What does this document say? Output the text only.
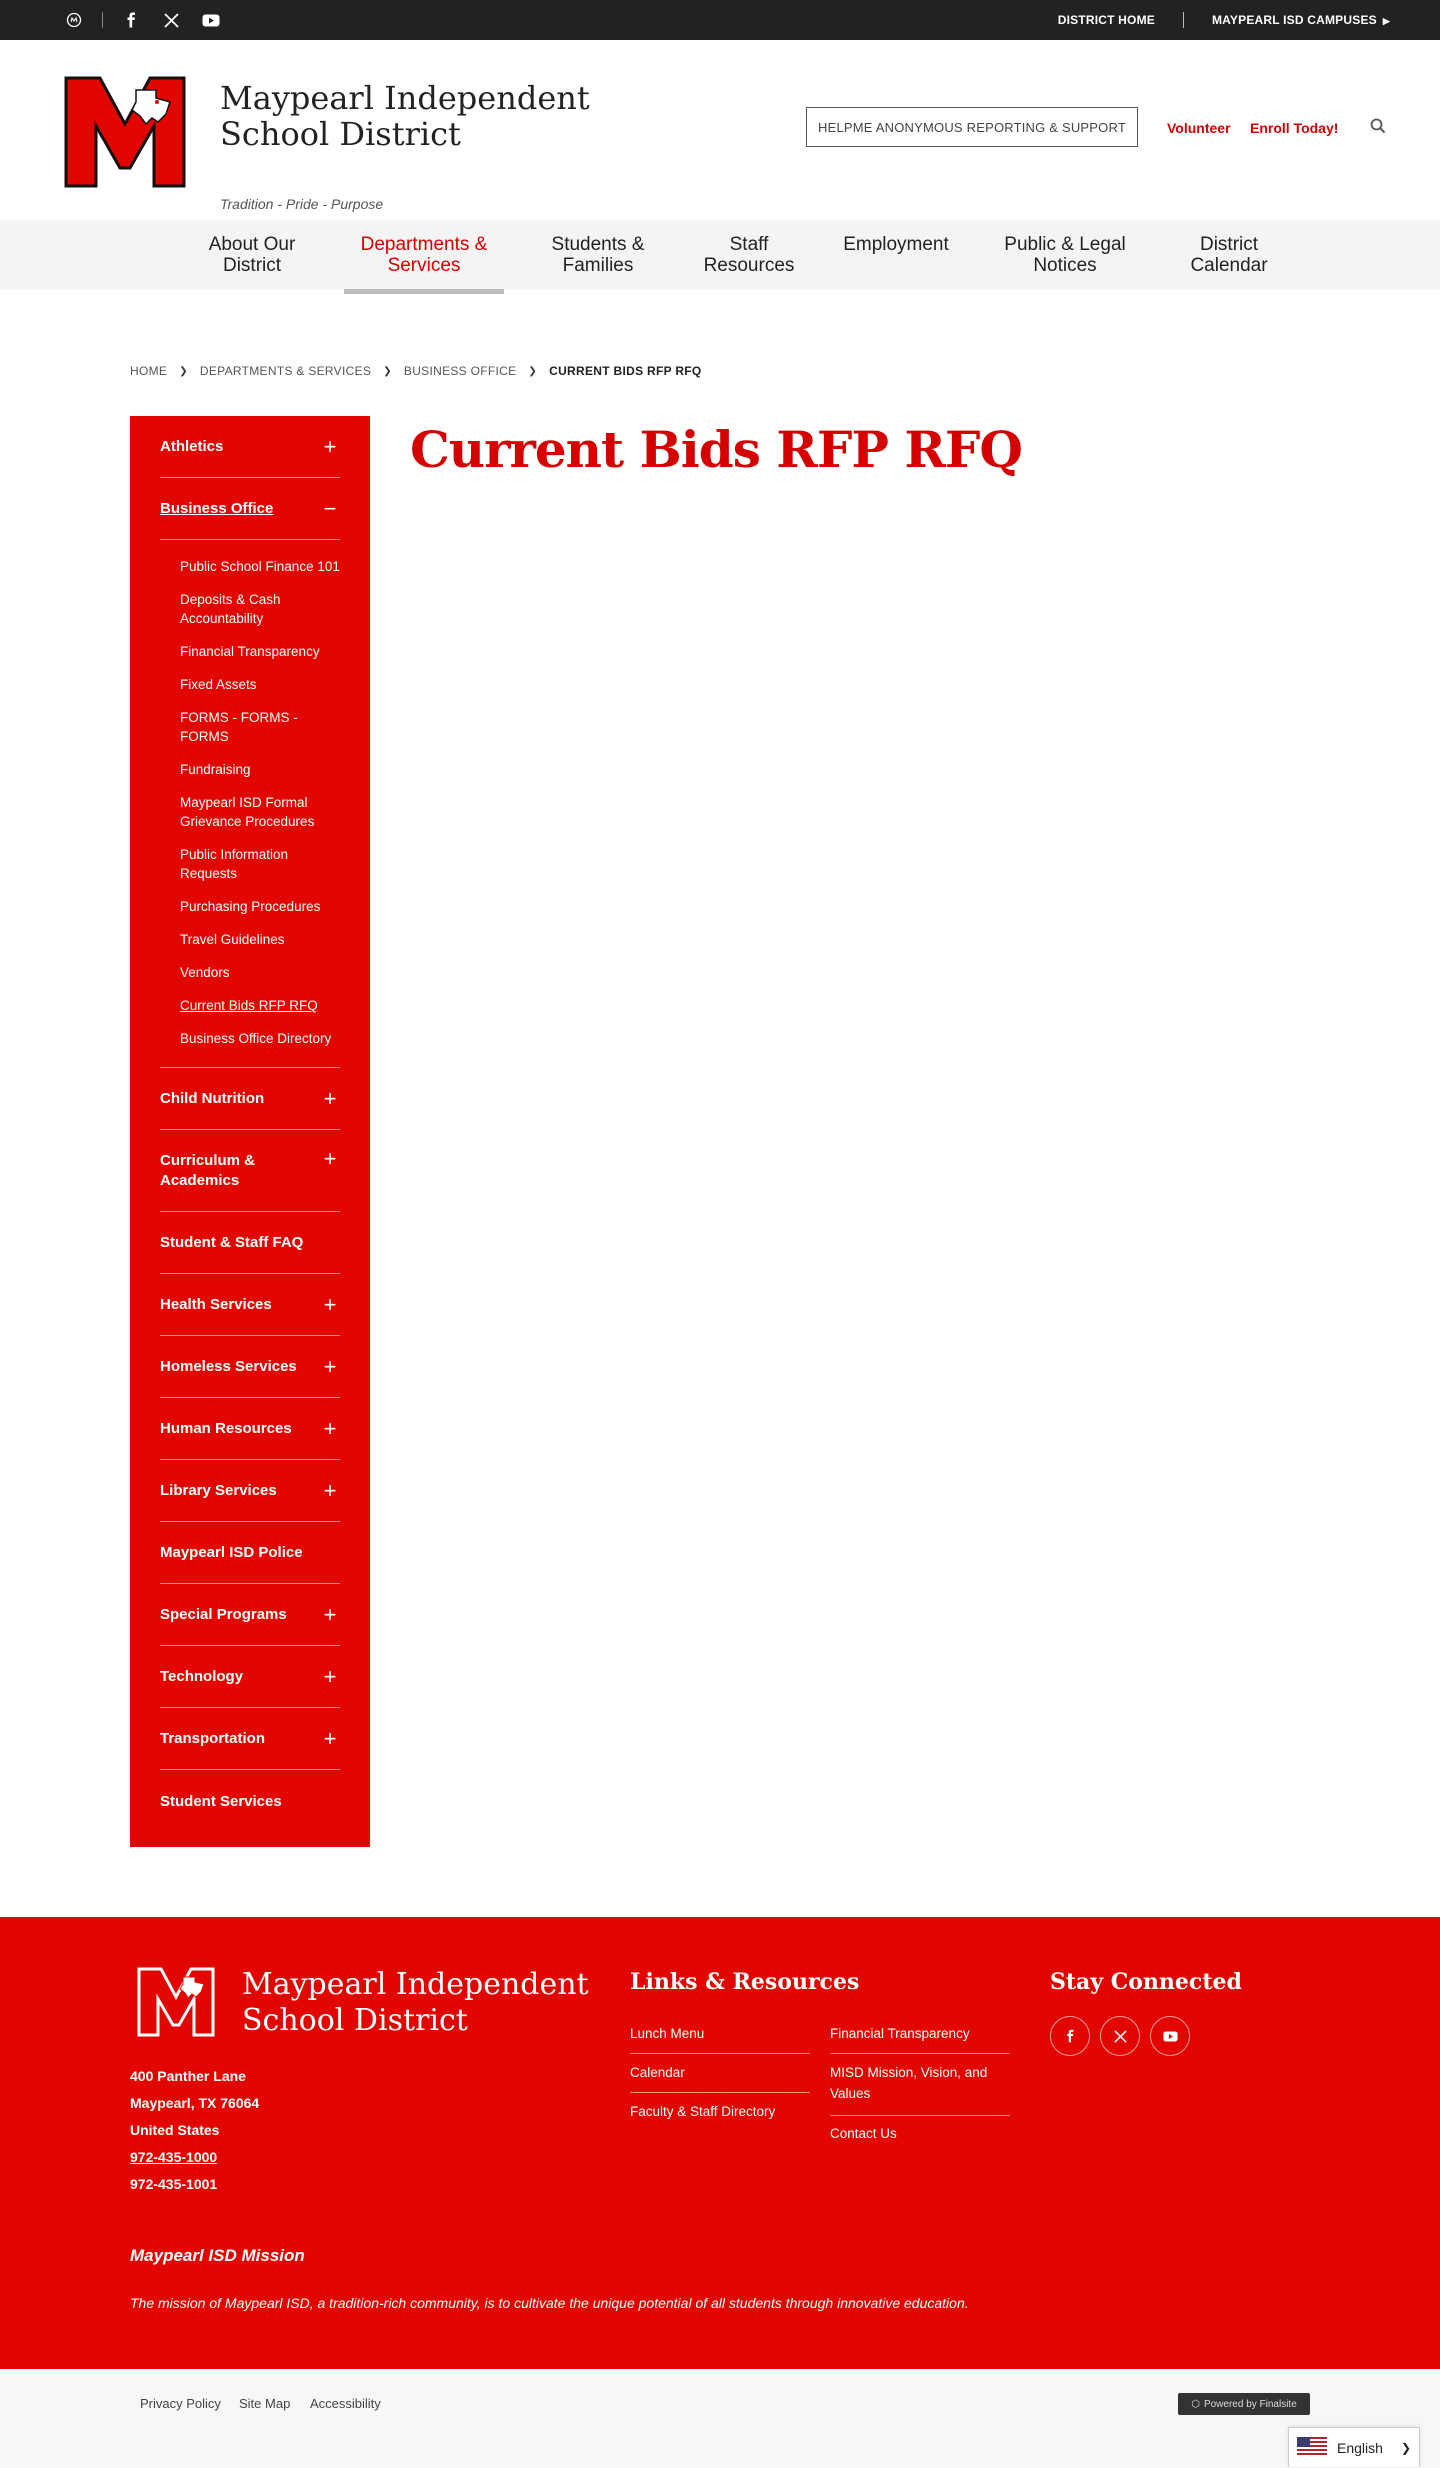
DISTRICT HOME	MAYPEARL ISD CAMPUSES ▶
Maypearl Independent School District
Tradition - Pride - Purpose
HELPME ANONYMOUS REPORTING & SUPPORT	Volunteer Enroll Today!
About Our
District
Departments &
Services
Students &
Families
Staff
Resources
Employment	Public & Legal
Notices
District
Calendar
HOME ❯ DEPARTMENTS & SERVICES ❯ BUSINESS OFFICE ❯ CURRENT BIDS RFP RFQ
Athletics	+
Business Office −
Public School Finance 101
Deposits & Cash Accountability
Financial Transparency
Fixed Assets
FORMS - FORMS - FORMS
Fundraising
Maypearl ISD Formal Grievance Procedures
Public Information Requests
Purchasing Procedures
Travel Guidelines
Vendors
Current Bids RFP RFQ
Business Office Directory
Child Nutrition	+
Curriculum & Academics
+
Student & Staff FAQ
Health Services +
Homeless Services +
Human Resources +
Library Services +
Maypearl ISD Police
Special Programs +
Technology	+
Transportation	+
Student Services
Current Bids RFP RFQ
Maypearl Independent
School District
400 Panther Lane
Maypearl, TX 76064
United States
972-435-1000
972-435-1001
Links & Resources
Lunch Menu
Calendar
Faculty & Staff Directory
Financial Transparency
MISD Mission, Vision, and Values
Contact Us
Stay Connected
Maypearl ISD Mission
The mission of Maypearl ISD, a tradition-rich community, is to cultivate the unique potential of all students through innovative education.
Privacy Policy Site Map Accessibility	⬡ Powered by Finalsite
English ❯
